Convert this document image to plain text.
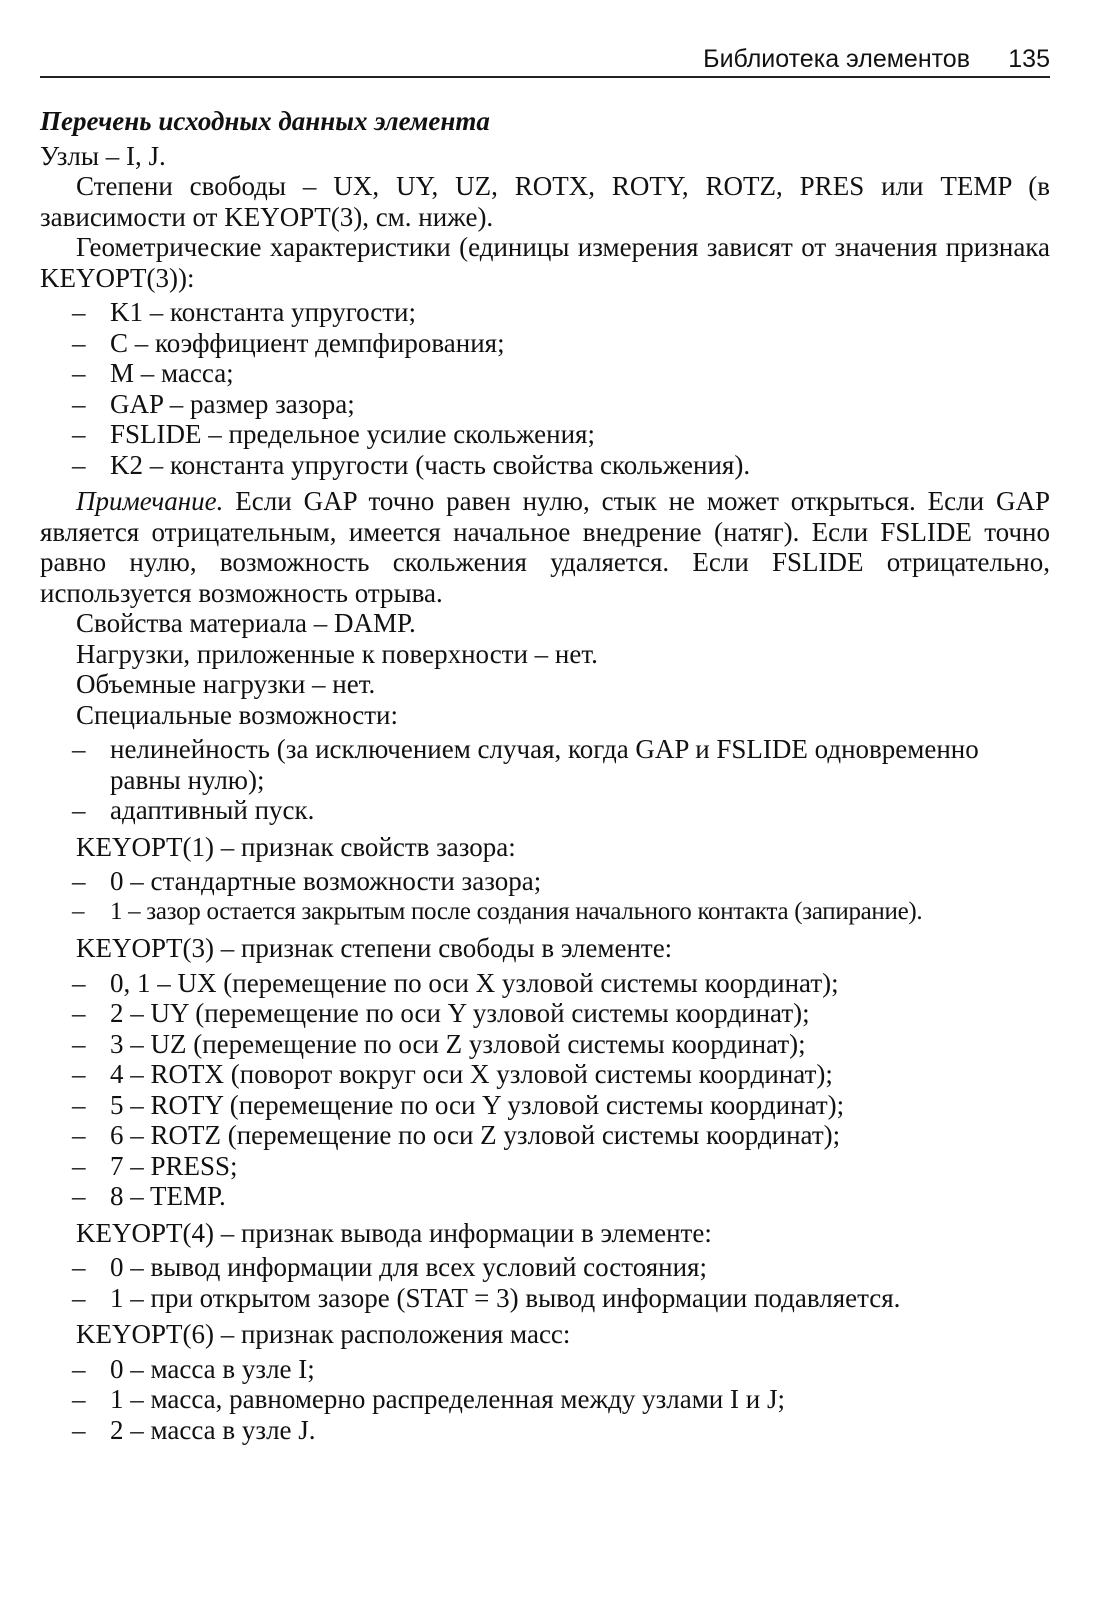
Библиотека элементов 135

Перечень исходных данных элемента

Узлы – I, J.

Степени свободы – UX, UY, UZ, ROTX, ROTY, ROTZ, PRES или TEMP (в зависимости от KEYOPT(3), см. ниже).

Геометрические характеристики (единицы измерения зависят от значения признака KEYOPT(3)):

– K1 – константа упругости;
– C – коэффициент демпфирования;
– M – масса;
– GAP – размер зазора;
– FSLIDE – предельное усилие скольжения;
– K2 – константа упругости (часть свойства скольжения).

Примечание. Если GAP точно равен нулю, стык не может открыться. Если GAP является отрицательным, имеется начальное внедрение (натяг). Если FSLIDE точно равно нулю, возможность скольжения удаляется. Если FSLIDE отрицательно, используется возможность отрыва.

Свойства материала – DAMP.

Нагрузки, приложенные к поверхности – нет.

Объемные нагрузки – нет.

Специальные возможности:

– нелинейность (за исключением случая, когда GAP и FSLIDE одновременно равны нулю);
– адаптивный пуск.

KEYOPT(1) – признак свойств зазора:

– 0 – стандартные возможности зазора;
– 1 – зазор остается закрытым после создания начального контакта (запирание).

KEYOPT(3) – признак степени свободы в элементе:

– 0, 1 – UX (перемещение по оси X узловой системы координат);
– 2 – UY (перемещение по оси Y узловой системы координат);
– 3 – UZ (перемещение по оси Z узловой системы координат);
– 4 – ROTX (поворот вокруг оси X узловой системы координат);
– 5 – ROTY (перемещение по оси Y узловой системы координат);
– 6 – ROTZ (перемещение по оси Z узловой системы координат);
– 7 – PRESS;
– 8 – TEMP.

KEYOPT(4) – признак вывода информации в элементе:

– 0 – вывод информации для всех условий состояния;
– 1 – при открытом зазоре (STAT = 3) вывод информации подавляется.

KEYOPT(6) – признак расположения масс:

– 0 – масса в узле I;
– 1 – масса, равномерно распределенная между узлами I и J;
– 2 – масса в узле J.
